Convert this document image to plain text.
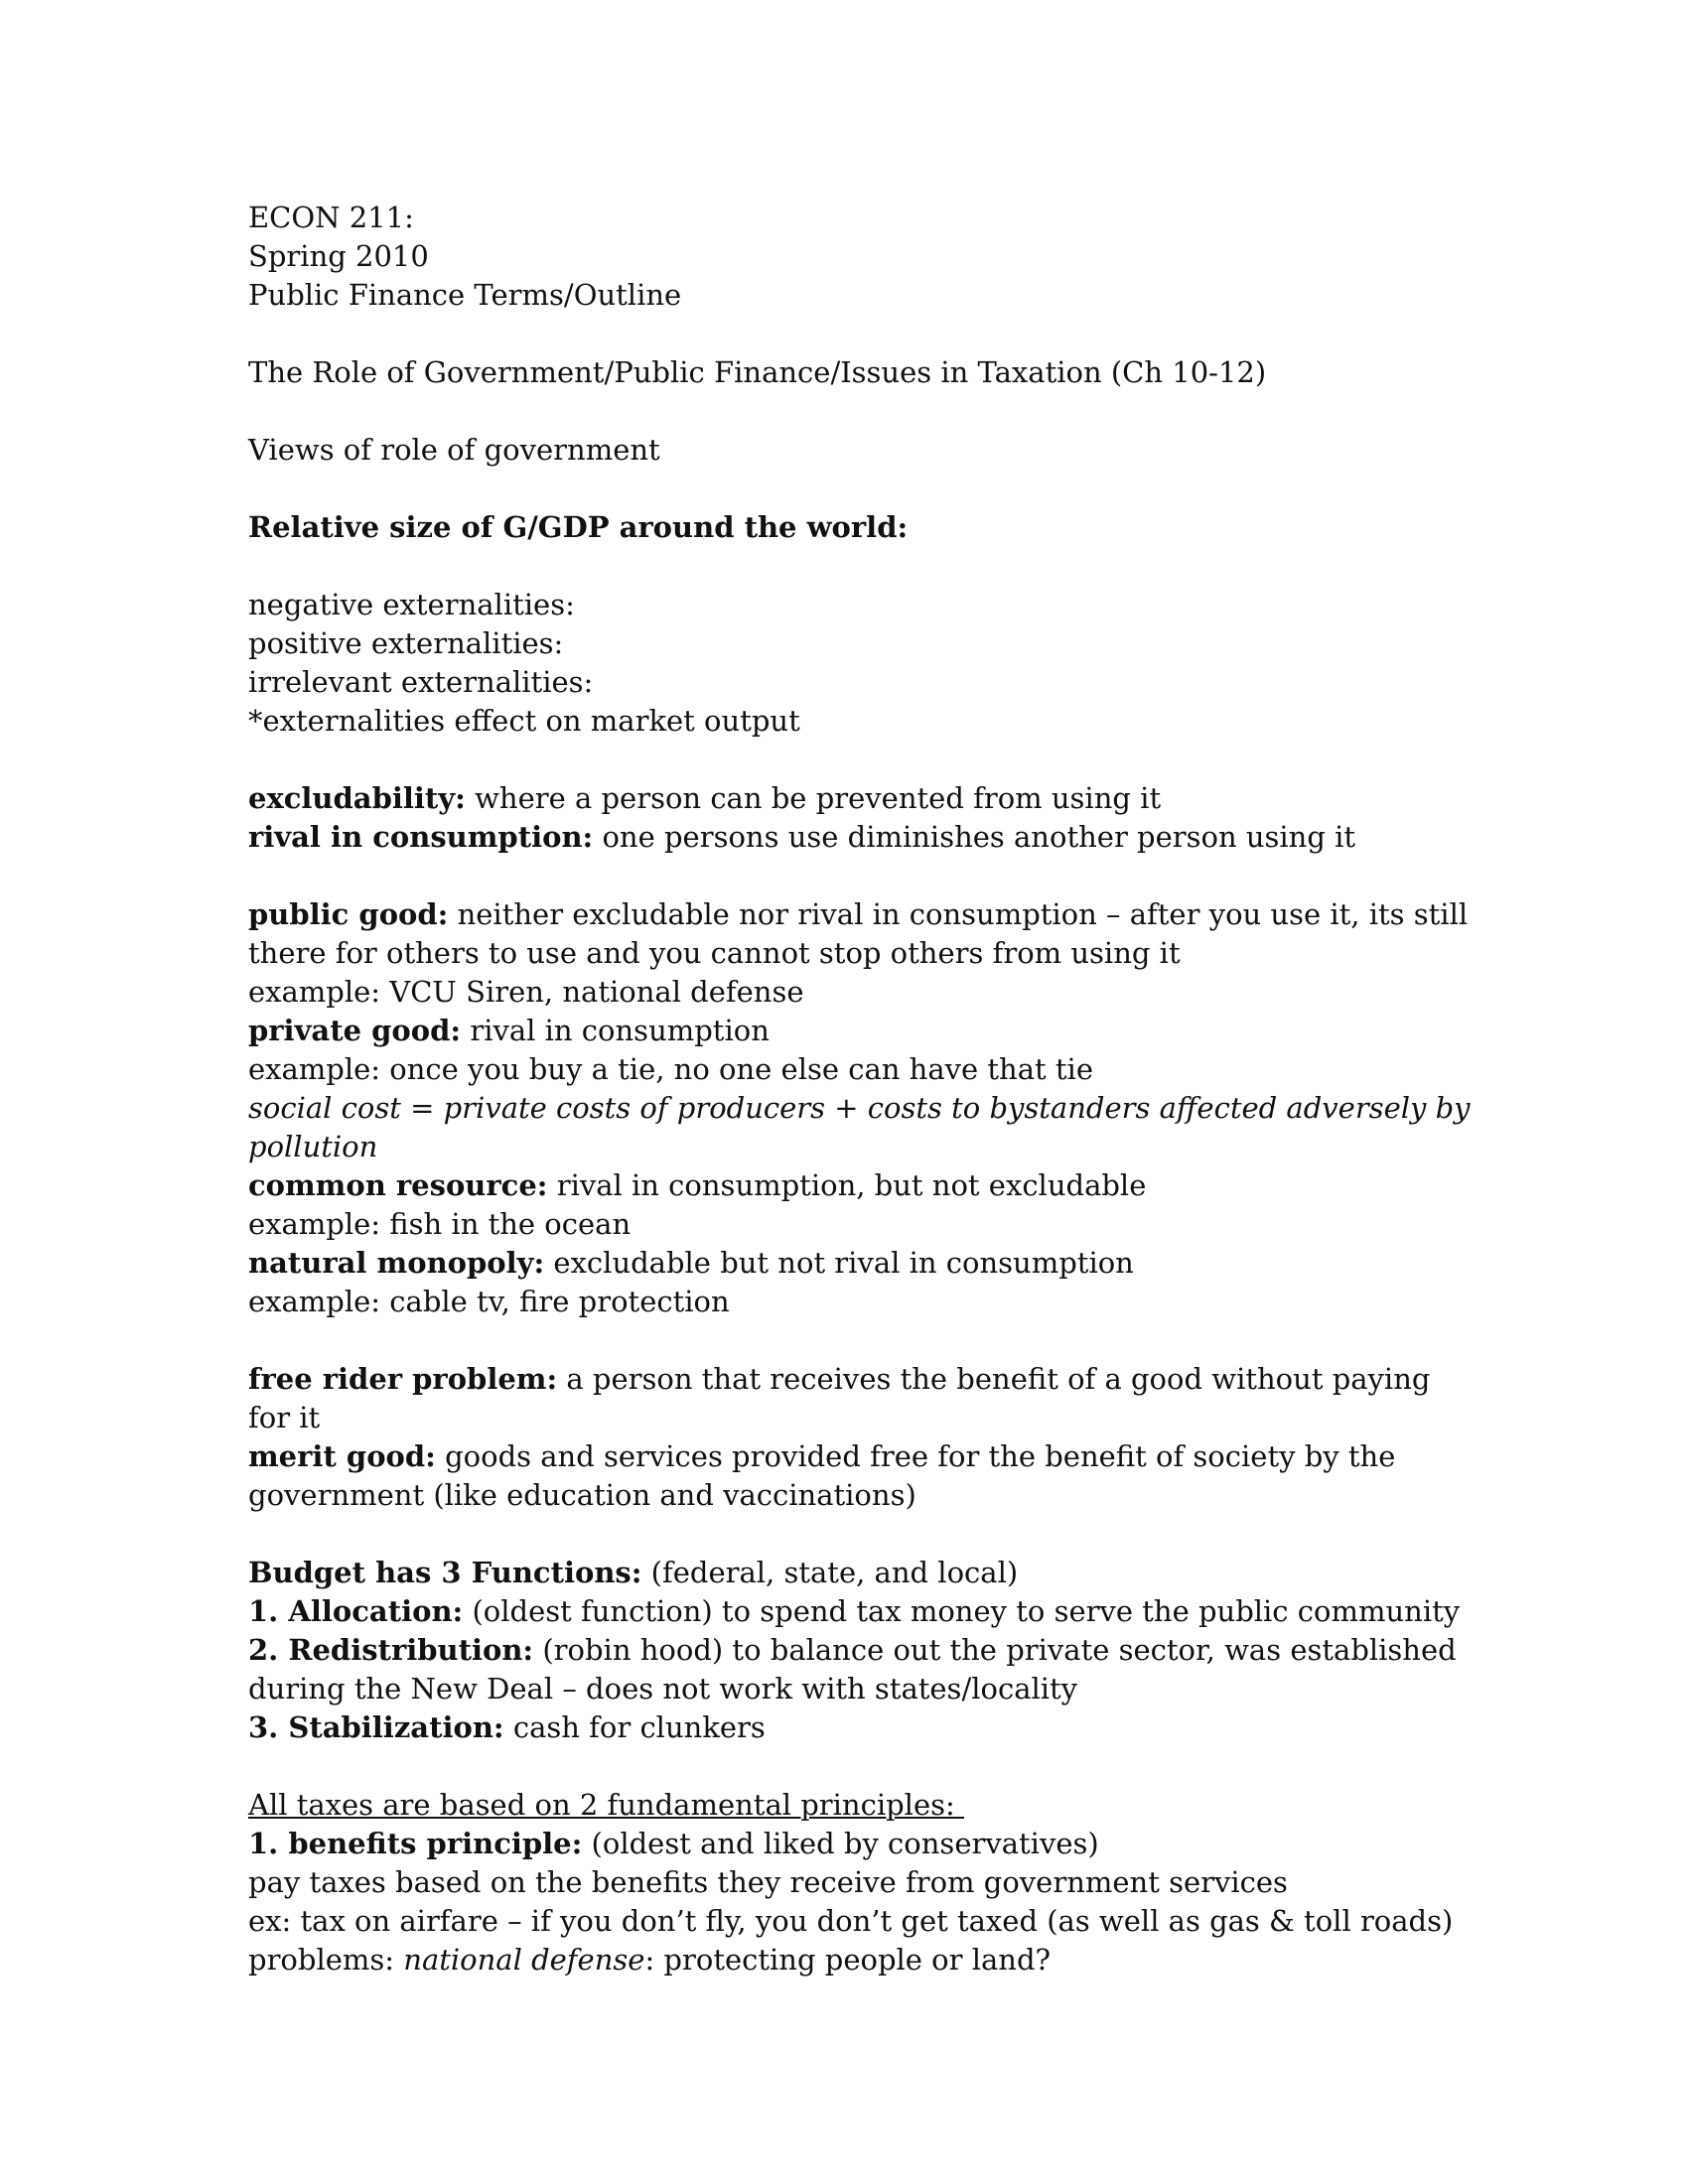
ECON 211:
Spring 2010
Public Finance Terms/Outline
The Role of Government/Public Finance/Issues in Taxation (Ch 10-12)
Views of role of government
Relative size of G/GDP around the world:
negative externalities:
positive externalities:
irrelevant externalities:
*externalities effect on market output
excludability: where a person can be prevented from using it
rival in consumption: one persons use diminishes another person using it
public good: neither excludable nor rival in consumption – after you use it, its still there for others to use and you cannot stop others from using it
example: VCU Siren, national defense
private good: rival in consumption
example: once you buy a tie, no one else can have that tie
social cost = private costs of producers + costs to bystanders affected adversely by pollution
common resource: rival in consumption, but not excludable
example: fish in the ocean
natural monopoly: excludable but not rival in consumption
example: cable tv, fire protection
free rider problem: a person that receives the benefit of a good without paying for it
merit good: goods and services provided free for the benefit of society by the government (like education and vaccinations)
Budget has 3 Functions: (federal, state, and local)
1. Allocation: (oldest function) to spend tax money to serve the public community
2. Redistribution: (robin hood) to balance out the private sector, was established during the New Deal – does not work with states/locality
3. Stabilization: cash for clunkers
All taxes are based on 2 fundamental principles:
1. benefits principle: (oldest and liked by conservatives)
pay taxes based on the benefits they receive from government services
ex: tax on airfare – if you don’t fly, you don’t get taxed (as well as gas & toll roads)
problems: national defense: protecting people or land?
